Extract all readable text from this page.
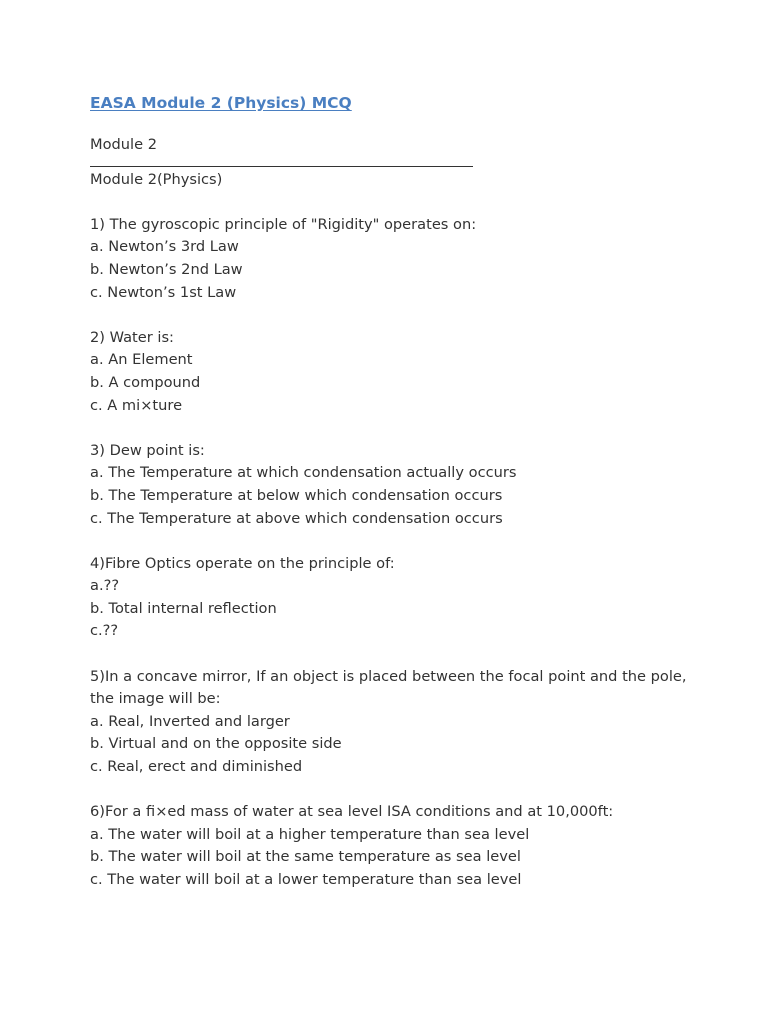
EASA Module 2 (Physics) MCQ
Module 2
Module 2(Physics)
1) The gyroscopic principle of "Rigidity" operates on:
a. Newton’s 3rd Law
b. Newton’s 2nd Law
c. Newton’s 1st Law
2) Water is:
a. An Element
b. A compound
c. A mi×ture
3) Dew point is:
a. The Temperature at which condensation actually occurs
b. The Temperature at below which condensation occurs
c. The Temperature at above which condensation occurs
4)Fibre Optics operate on the principle of:
a.??
b. Total internal reflection
c.??
5)In a concave mirror, If an object is placed between the focal point and the pole, the image will be:
a. Real, Inverted and larger
b. Virtual and on the opposite side
c. Real, erect and diminished
6)For a fi×ed mass of water at sea level ISA conditions and at 10,000ft:
a. The water will boil at a higher temperature than sea level
b. The water will boil at the same temperature as sea level
c. The water will boil at a lower temperature than sea level
